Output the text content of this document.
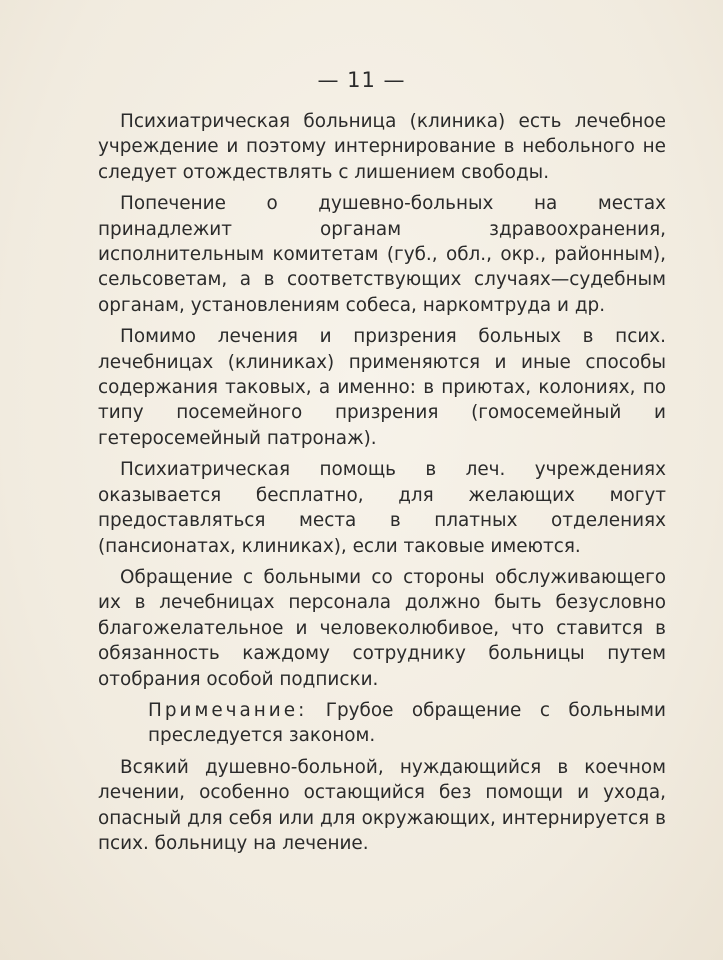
— 11 —

Психиатрическая больница (клиника) есть лечебное учреждение и поэтому интернирование в небольного не следует отождествлять с лишением свободы.

Попечение о душевно-больных на местах принадлежит органам здравоохранения, исполнительным комитетам (губ., обл., окр., районным), сельсоветам, а в соответствующих случаях—судебным органам, установлениям собеса, наркомтруда и др.

Помимо лечения и призрения больных в псих. лечебницах (клиниках) применяются и иные способы содержания таковых, а именно: в приютах, колониях, по типу посемейного призрения (гомосемейный и гетеросемейный патронаж).

Психиатрическая помощь в леч. учреждениях оказывается бесплатно, для желающих могут предоставляться места в платных отделениях (пансионатах, клиниках), если таковые имеются.

Обращение с больными со стороны обслуживающего их в лечебницах персонала должно быть безусловно благожелательное и человеколюбивое, что ставится в обязанность каждому сотруднику больницы путем отобрания особой подписки.

Примечание: Грубое обращение с больными преследуется законом.

Всякий душевно-больной, нуждающийся в коечном лечении, особенно остающийся без помощи и ухода, опасный для себя или для окружающих, интернируется в псих. больницу на лечение.
